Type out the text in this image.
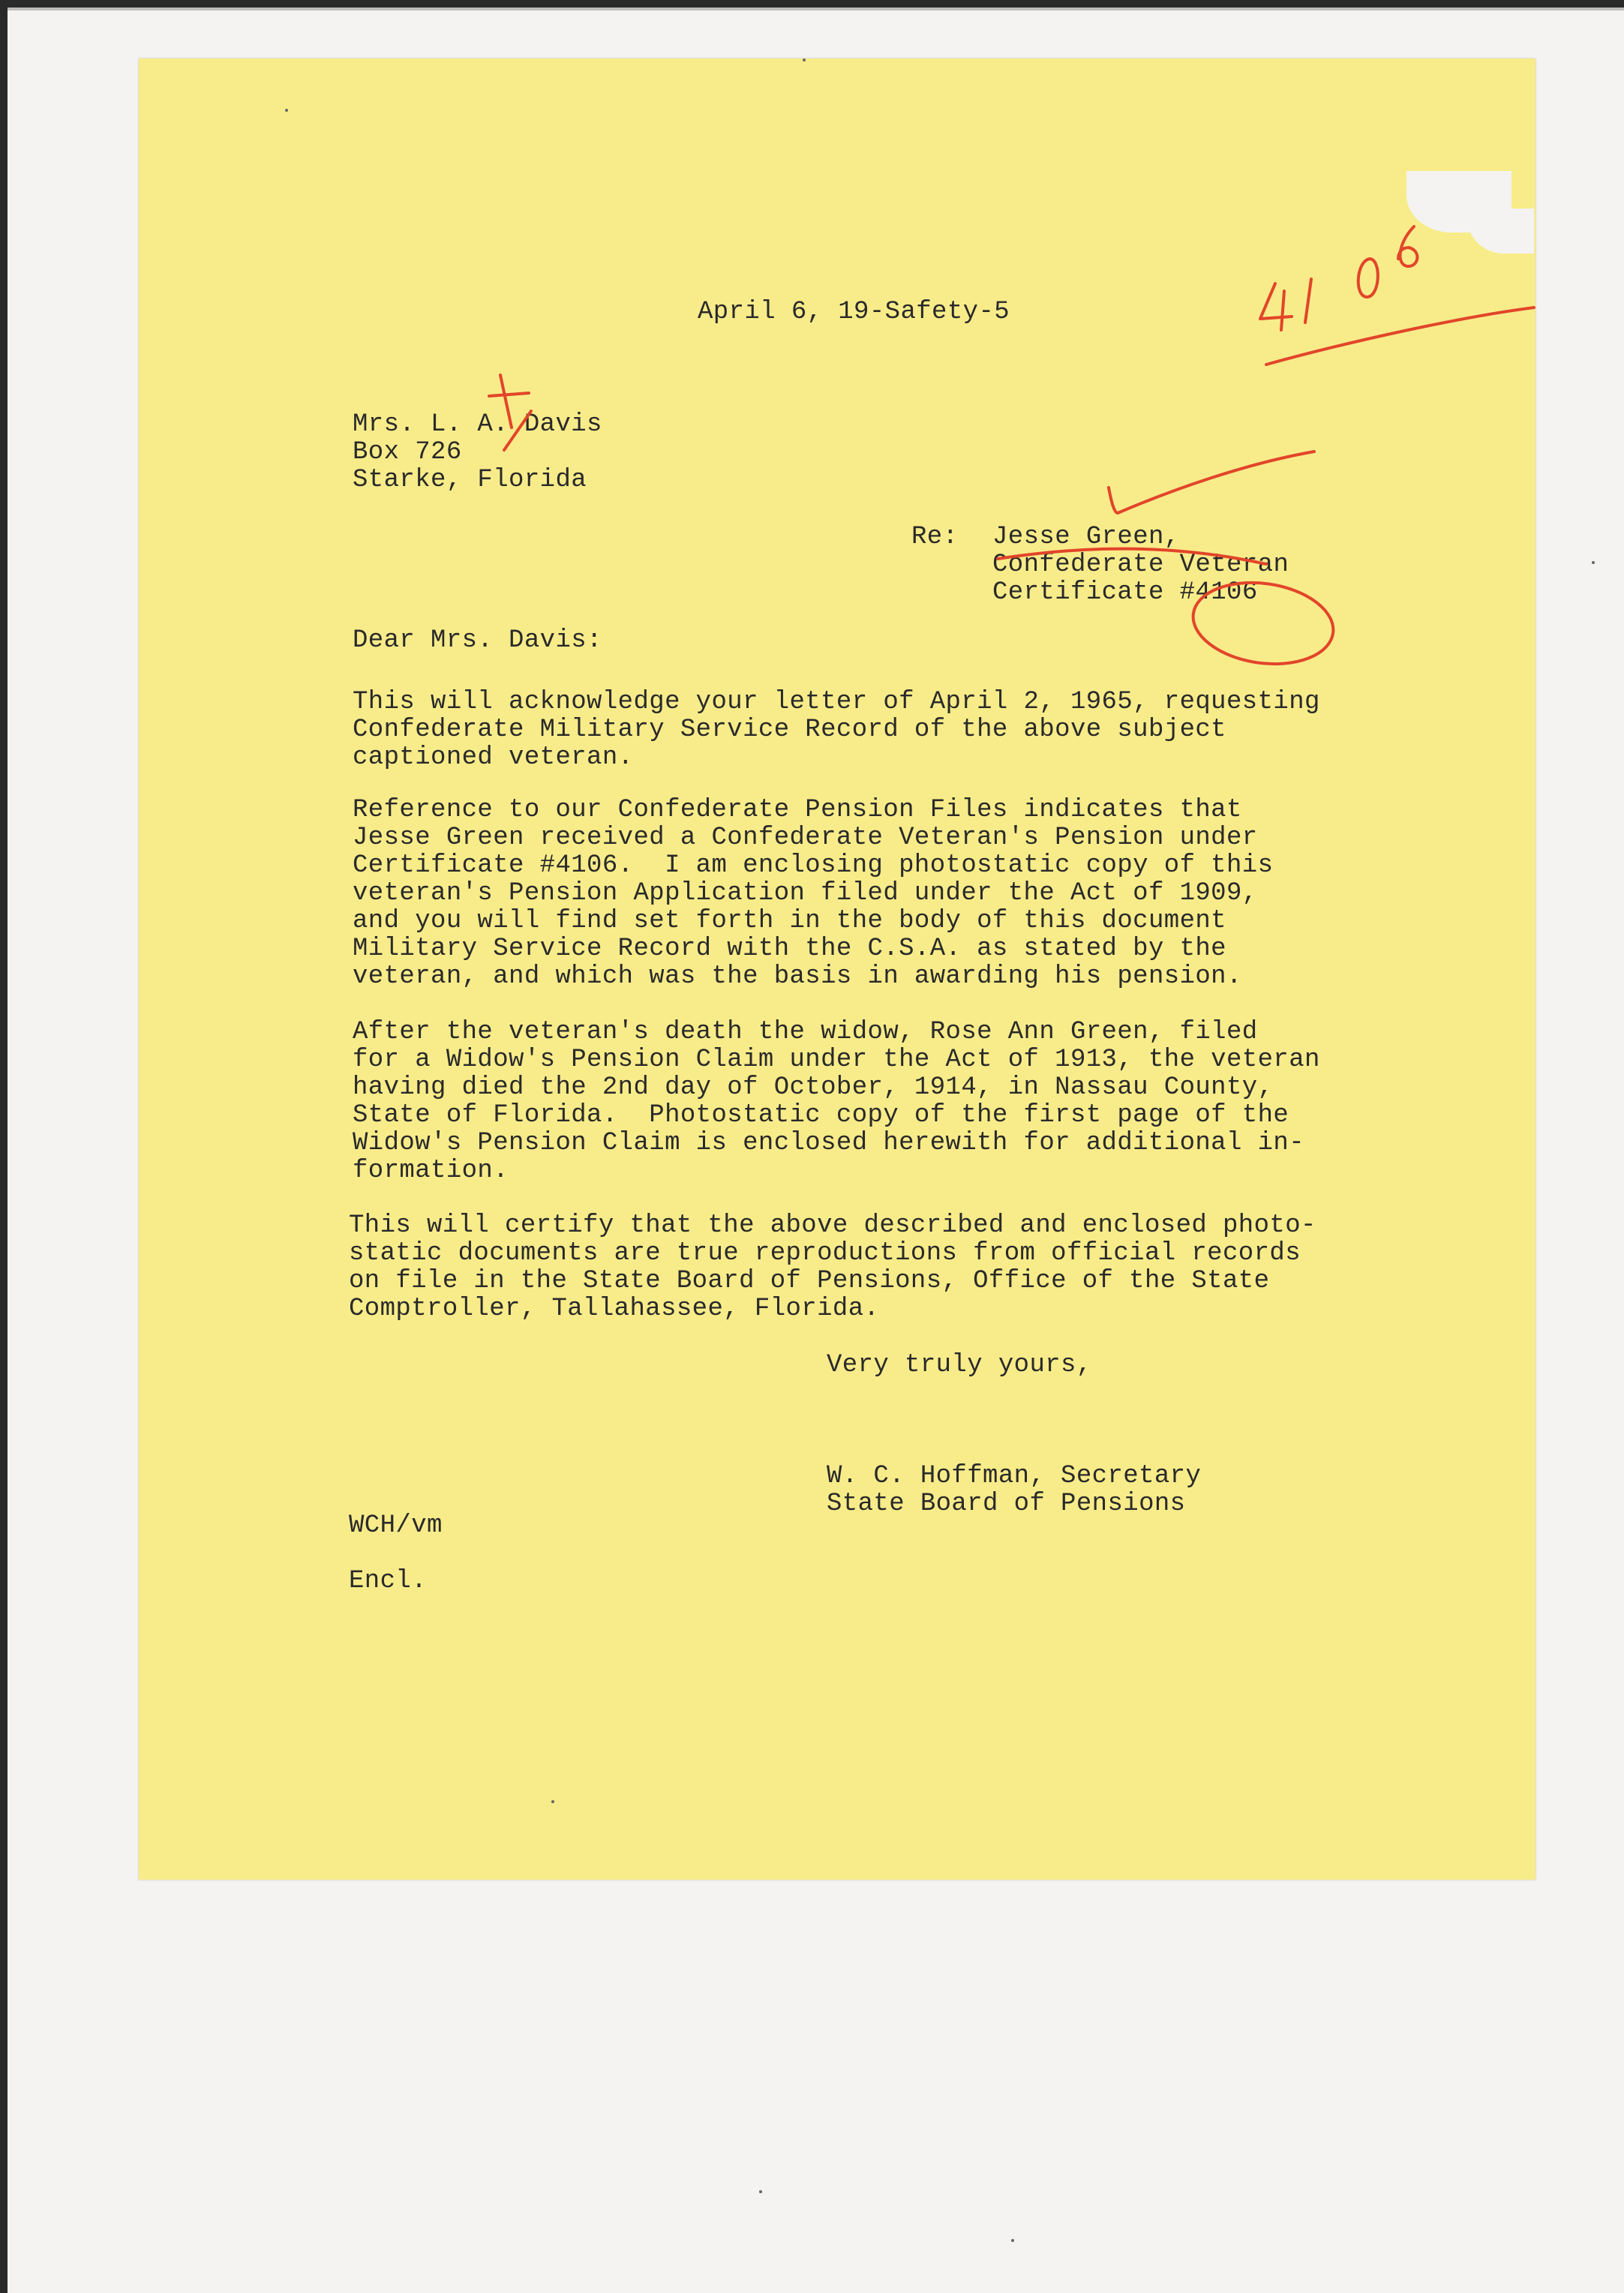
April 6, 19-Safety-5
Mrs. L. A. Davis
Box 726
Starke, Florida
Re: Jesse Green,
Confederate Veteran
Certificate #4106
Dear Mrs. Davis:
This will acknowledge your letter of April 2, 1965, requesting
Confederate Military Service Record of the above subject
captioned veteran.
Reference to our Confederate Pension Files indicates that
Jesse Green received a Confederate Veteran's Pension under
Certificate #4106.  I am enclosing photostatic copy of this
veteran's Pension Application filed under the Act of 1909,
and you will find set forth in the body of this document
Military Service Record with the C.S.A. as stated by the
veteran, and which was the basis in awarding his pension.
After the veteran's death the widow, Rose Ann Green, filed
for a Widow's Pension Claim under the Act of 1913, the veteran
having died the 2nd day of October, 1914, in Nassau County,
State of Florida.  Photostatic copy of the first page of the
Widow's Pension Claim is enclosed herewith for additional in-
formation.
This will certify that the above described and enclosed photo-
static documents are true reproductions from official records
on file in the State Board of Pensions, Office of the State
Comptroller, Tallahassee, Florida.
Very truly yours,
W. C. Hoffman, Secretary
State Board of Pensions
WCH/vm
Encl.
